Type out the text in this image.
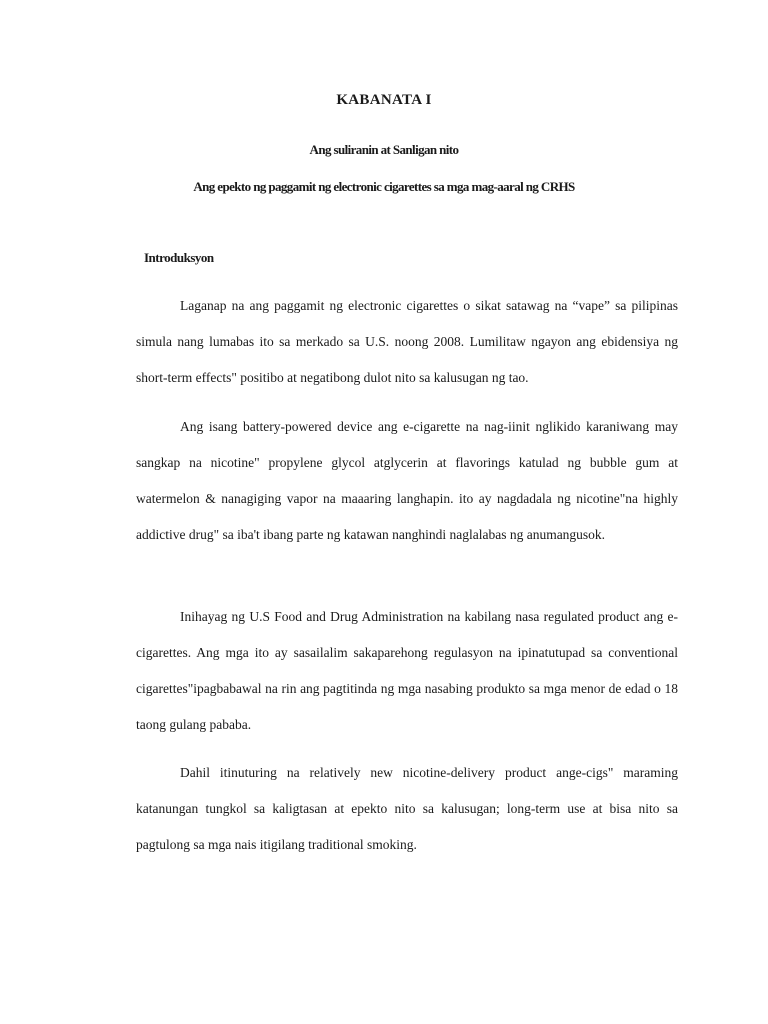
KABANATA I
Ang suliranin at Sanligan nito
Ang epekto ng paggamit ng electronic cigarettes sa mga mag-aaral ng CRHS
Introduksyon

Laganap na ang paggamit ng electronic cigarettes o sikat satawag na “vape” sa pilipinas simula nang lumabas ito sa merkado sa U.S. noong 2008. Lumilitaw ngayon ang ebidensiya ng short-term effects" positibo at negatibong dulot nito sa kalusugan ng tao.

Ang isang battery-powered device ang e-cigarette na nag-iinit nglikido karaniwang may sangkap na nicotine" propylene glycol atglycerin at flavorings katulad ng bubble gum at watermelon & nanagiging vapor na maaaring langhapin. ito ay nagdadala ng nicotine"na highly addictive drug" sa iba't ibang parte ng katawan nanghindi naglalabas ng anumangusok.

Inihayag ng U.S Food and Drug Administration na kabilang nasa regulated product ang e-cigarettes. Ang mga ito ay sasailalim sakaparehong regulasyon na ipinatutupad sa conventional cigarettes"ipagbabawal na rin ang pagtitinda ng mga nasabing produkto sa mga menor de edad o 18 taong gulang pababa.

Dahil itinuturing na relatively new nicotine-delivery product ange-cigs" maraming katanungan tungkol sa kaligtasan at epekto nito sa kalusugan; long-term use at bisa nito sa pagtulong sa mga nais itigilang traditional smoking.
